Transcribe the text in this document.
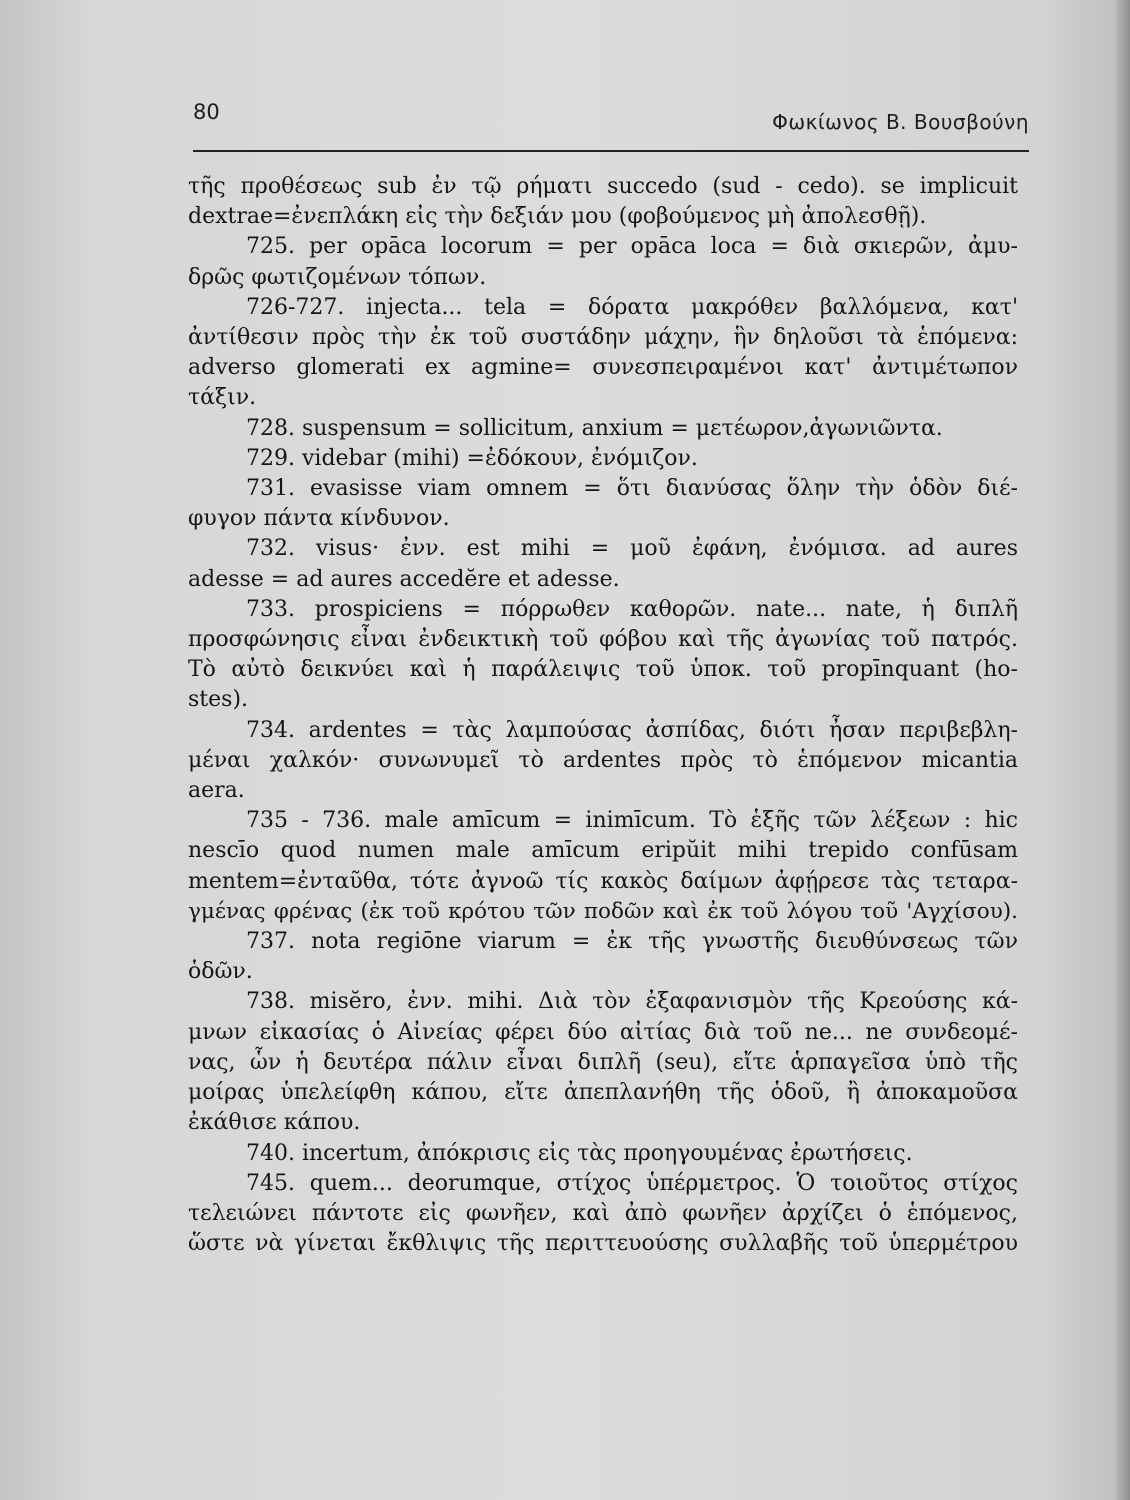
80	Φωκίωνος Β. Βουσβούνη
τῆς προθέσεως sub ἐν τῷ ρήματι succedo (sud - cedo). se implicuit
dextrae=ἐνεπλάκη εἰς τὴν δεξιάν μου (φοβούμενος μὴ ἀπολεσθῇ).
725. per opāca locorum = per opāca loca = διὰ σκιερῶν, ἀμυ-
δρῶς φωτιζομένων τόπων.
726-727. injecta... tela = δόρατα μακρόθεν βαλλόμενα, κατ'
ἀντίθεσιν πρὸς τὴν ἐκ τοῦ συστάδην μάχην, ἣν δηλοῦσι τὰ ἑπόμενα:
adverso glomerati ex agmine= συνεσπειραμένοι κατ' ἀντιμέτωπον
τάξιν.
728. suspensum = sollicitum, anxium = μετέωρον,ἀγωνιῶντα.
729. videbar (mihi) =ἐδόκουν, ἐνόμιζον.
731. evasisse viam omnem = ὅτι διανύσας ὅλην τὴν ὁδὸν διέ-
φυγον πάντα κίνδυνον.
732. visus· ἐνν. est mihi = μοῦ ἐφάνη, ἐνόμισα. ad aures
adesse = ad aures accedĕre et adesse.
733. prospiciens = πόρρωθεν καθορῶν. nate... nate, ἡ διπλῆ
προσφώνησις εἶναι ἐνδεικτικὴ τοῦ φόβου καὶ τῆς ἀγωνίας τοῦ πατρός.
Τὸ αὐτὸ δεικνύει καὶ ἡ παράλειψις τοῦ ὑποκ. τοῦ propīnquant (ho-
stes).
734. ardentes = τὰς λαμπούσας ἀσπίδας, διότι ἦσαν περιβεβλη-
μέναι χαλκόν· συνωνυμεῖ τὸ ardentes πρὸς τὸ ἑπόμενον micantia
aera.
735 - 736. male amīcum = inimīcum. Τὸ ἑξῆς τῶν λέξεων : hic
nescīo quod numen male amīcum eripŭit mihi trepido confūsam
mentem=ἐνταῦθα, τότε ἀγνοῶ τίς κακὸς δαίμων ἀφῄρεσε τὰς τεταρα-
γμένας φρένας (ἐκ τοῦ κρότου τῶν ποδῶν καὶ ἐκ τοῦ λόγου τοῦ 'Αγχίσου).
737. nota regiōne viarum = ἐκ τῆς γνωστῆς διευθύνσεως τῶν
ὁδῶν.
738. misĕro, ἐνν. mihi. Διὰ τὸν ἐξαφανισμὸν τῆς Κρεούσης κά-
μνων εἰκασίας ὁ Αἰνείας φέρει δύο αἰτίας διὰ τοῦ ne... ne συνδεομέ-
νας, ὧν ἡ δευτέρα πάλιν εἶναι διπλῆ (seu), εἴτε ἁρπαγεῖσα ὑπὸ τῆς
μοίρας ὑπελείφθη κάπου, εἴτε ἀπεπλανήθη τῆς ὁδοῦ, ἢ ἀποκαμοῦσα
ἐκάθισε κάπου.
740. incertum, ἀπόκρισις εἰς τὰς προηγουμένας ἐρωτήσεις.
745. quem... deorumque, στίχος ὑπέρμετρος. Ὁ τοιοῦτος στίχος
τελειώνει πάντοτε εἰς φωνῆεν, καὶ ἀπὸ φωνῆεν ἀρχίζει ὁ ἑπόμενος,
ὥστε νὰ γίνεται ἔκθλιψις τῆς περιττευούσης συλλαβῆς τοῦ ὑπερμέτρου
